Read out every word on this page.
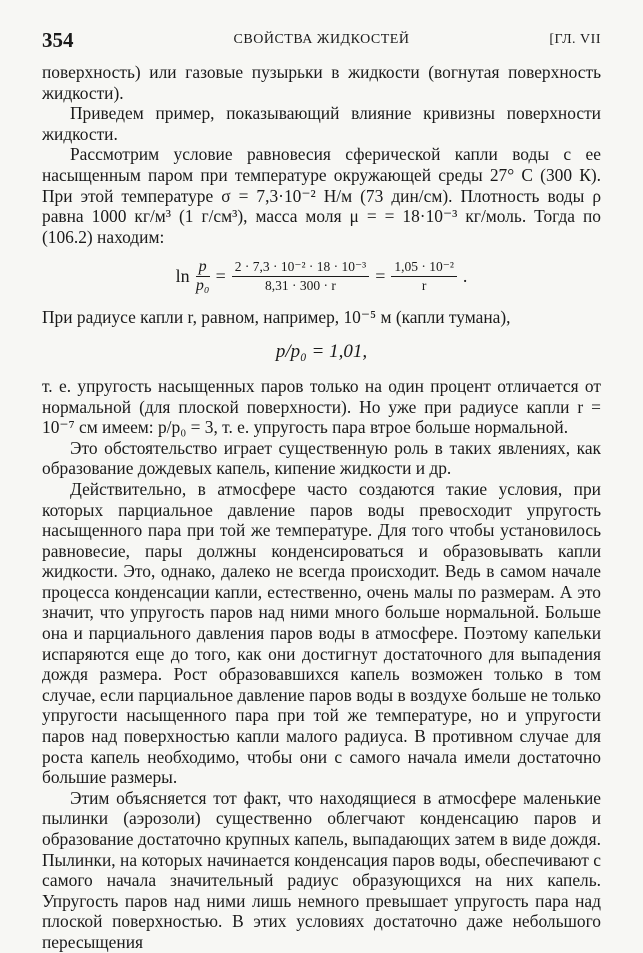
354	СВОЙСТВА ЖИДКОСТЕЙ	[ГЛ. VII

поверхность) или газовые пузырьки в жидкости (вогнутая поверхность жидкости).

Приведем пример, показывающий влияние кривизны поверхности жидкости.

Рассмотрим условие равновесия сферической капли воды с ее насыщенным паром при температуре окружающей среды 27° С (300 К). При этой температуре σ = 7,3·10⁻² Н/м (73 дин/см). Плотность воды ρ равна 1000 кг/м³ (1 г/см³), масса моля μ = = 18·10⁻³ кг/моль. Тогда по (106.2) находим:

$\ln \frac{p}{\text{p₀}} = \frac{\text{2 · 7,3 · 10⁻² · 18 · 10⁻³}}{8,31 \cdot 300 \cdot r} = \frac{\text{1,05 · 10⁻²}}{r}$ .

При радиусе капли r, равном, например, 10⁻⁵ м (капли тумана),

p/p₀ = 1,01,

т. е. упругость насыщенных паров только на один процент отличается от нормальной (для плоской поверхности). Но уже при радиусе капли r = 10⁻⁷ см имеем: p/p₀ = 3, т. е. упругость пара втрое больше нормальной.

Это обстоятельство играет существенную роль в таких явлениях, как образование дождевых капель, кипение жидкости и др.

Действительно, в атмосфере часто создаются такие условия, при которых парциальное давление паров воды превосходит упругость насыщенного пара при той же температуре. Для того чтобы установилось равновесие, пары должны конденсироваться и образовывать капли жидкости. Это, однако, далеко не всегда происходит. Ведь в самом начале процесса конденсации капли, естественно, очень малы по размерам. А это значит, что упругость паров над ними много больше нормальной. Больше она и парциального давления паров воды в атмосфере. Поэтому капельки испаряются еще до того, как они достигнут достаточного для выпадения дождя размера. Рост образовавшихся капель возможен только в том случае, если парциальное давление паров воды в воздухе больше не только упругости насыщенного пара при той же температуре, но и упругости паров над поверхностью капли малого радиуса. В противном случае для роста капель необходимо, чтобы они с самого начала имели достаточно большие размеры.

Этим объясняется тот факт, что находящиеся в атмосфере маленькие пылинки (аэрозоли) существенно облегчают конденсацию паров и образование достаточно крупных капель, выпадающих затем в виде дождя. Пылинки, на которых начинается конденсация паров воды, обеспечивают с самого начала значительный радиус образующихся на них капель. Упругость паров над ними лишь немного превышает упругость пара над плоской поверхностью. В этих условиях достаточно даже небольшого пересыщения
